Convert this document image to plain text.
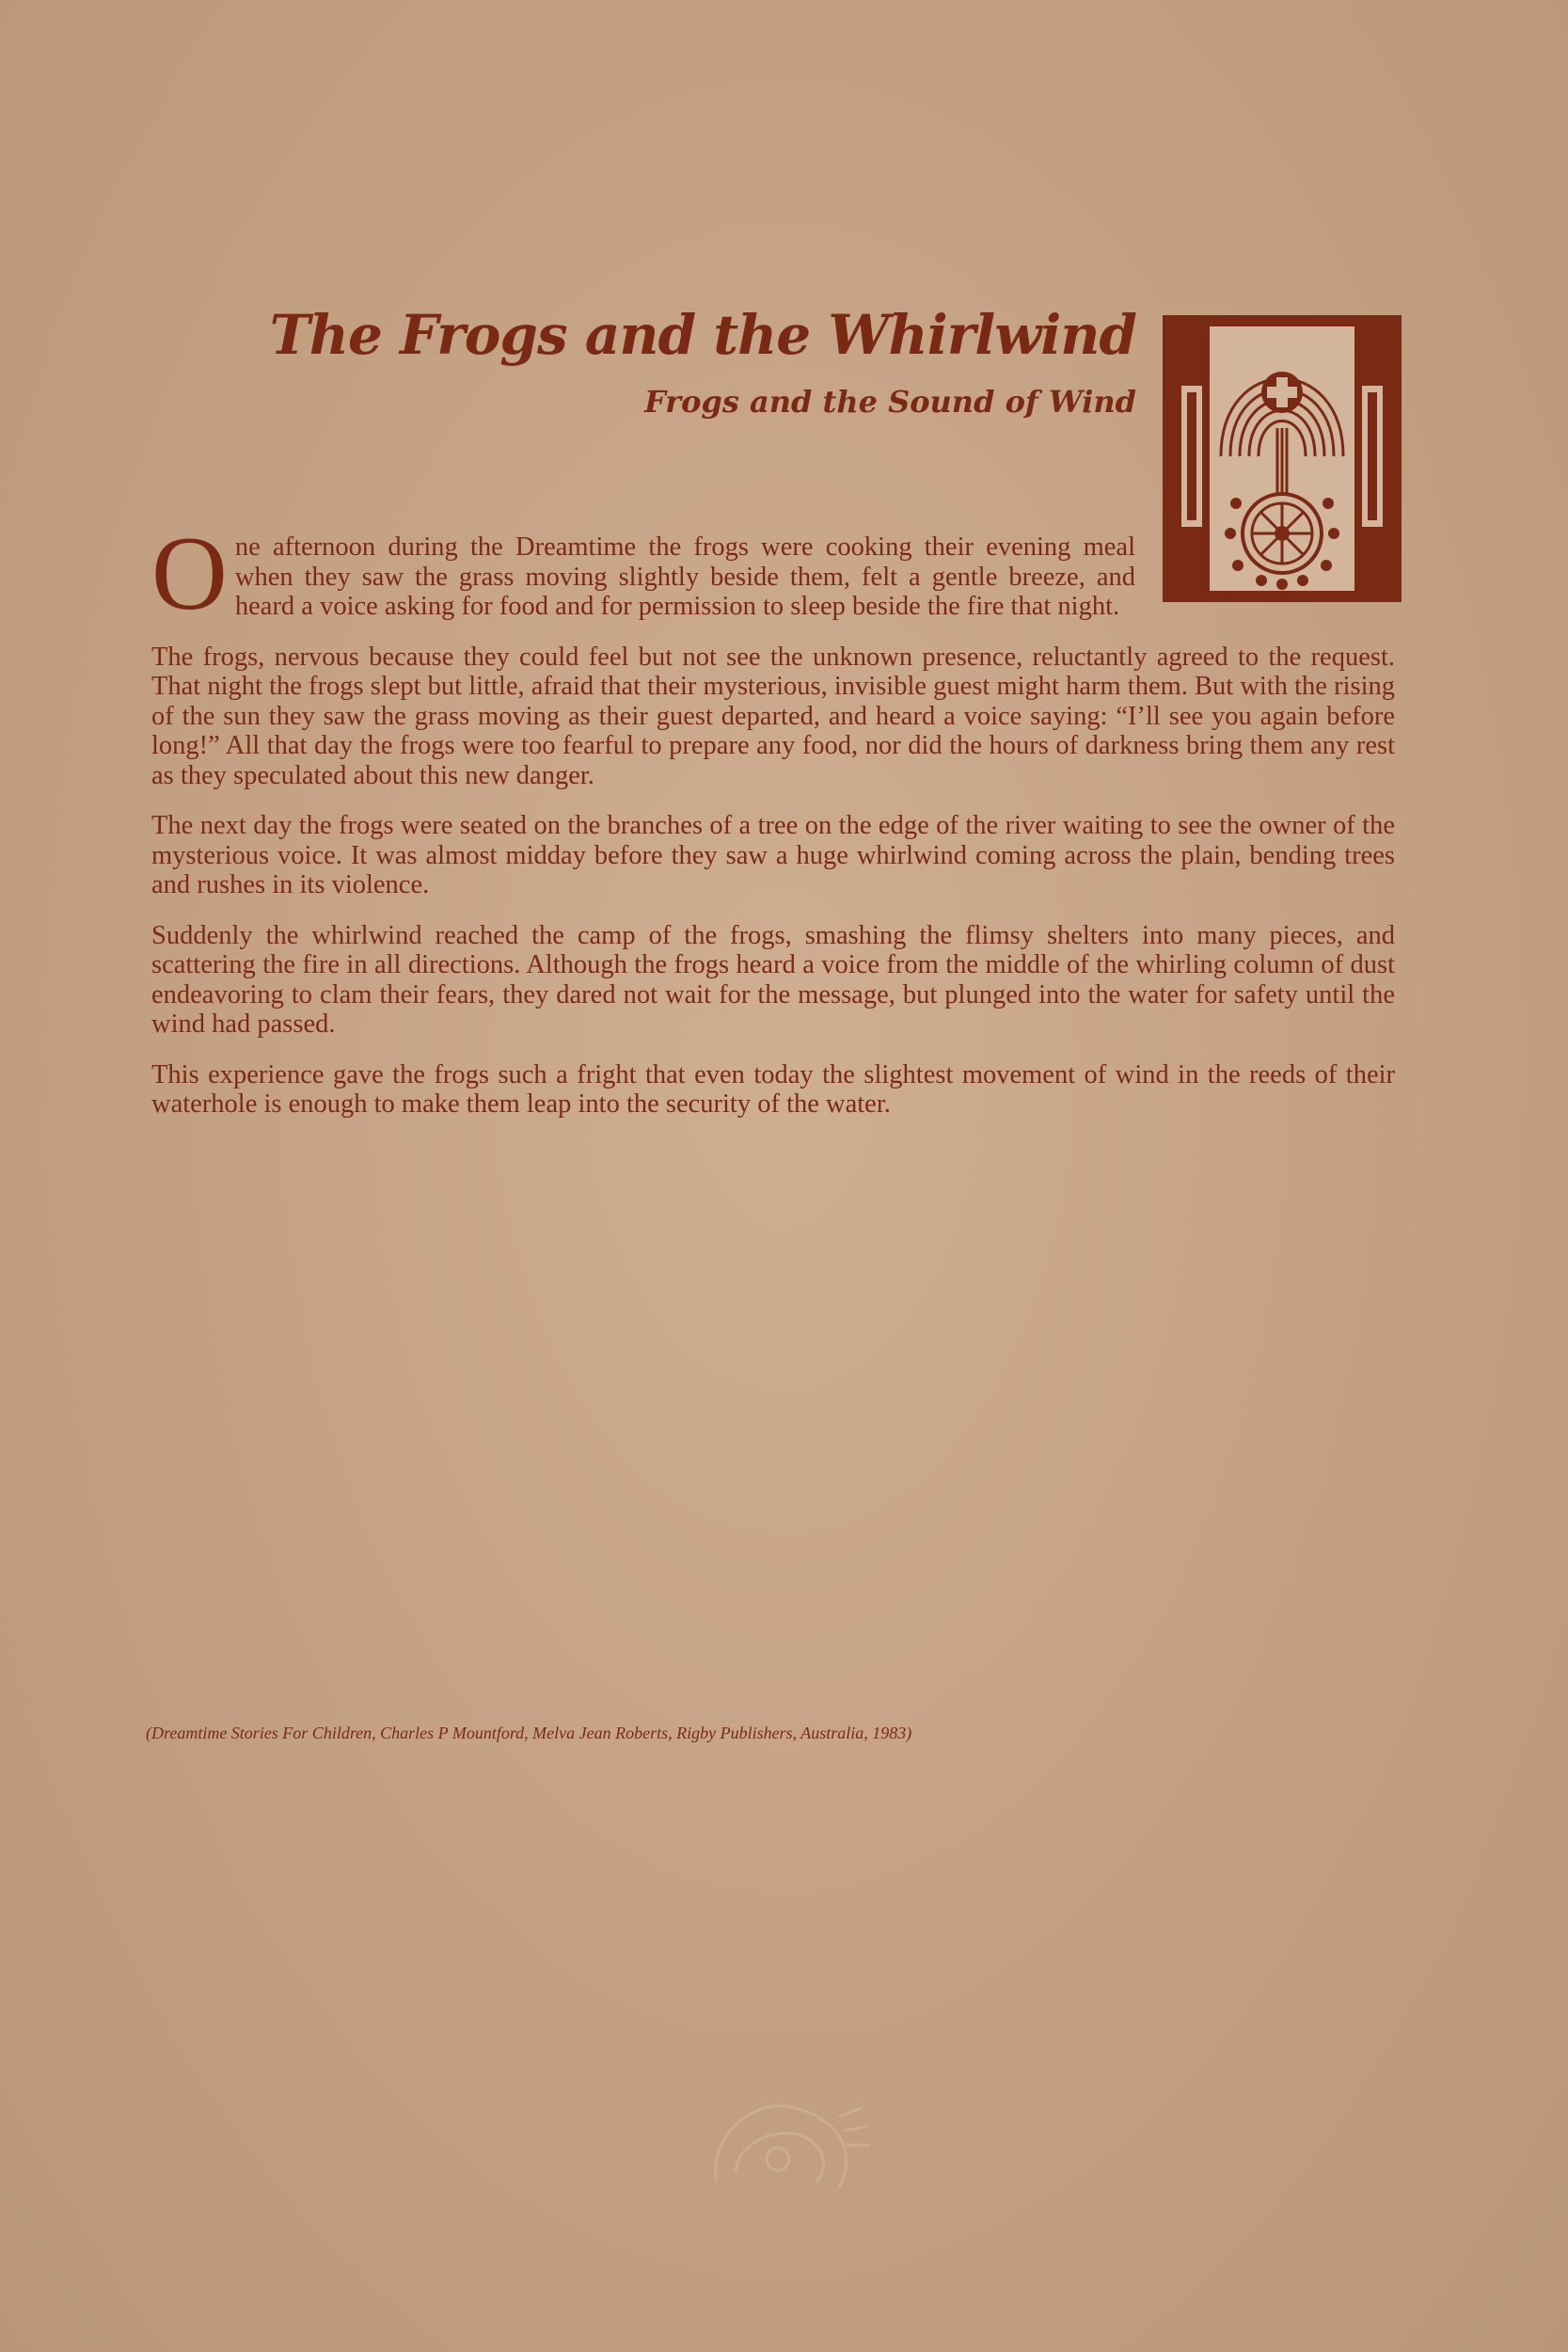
The Frogs and the Whirlwind
Frogs and the Sound of Wind

One afternoon during the Dreamtime the frogs were cooking their evening meal when they saw the grass moving slightly beside them, felt a gentle breeze, and heard a voice asking for food and for permission to sleep beside the fire that night.

The frogs, nervous because they could feel but not see the unknown presence, reluctantly agreed to the request. That night the frogs slept but little, afraid that their mysterious, invisible guest might harm them. But with the rising of the sun they saw the grass moving as their guest departed, and heard a voice saying: “I’ll see you again before long!” All that day the frogs were too fearful to prepare any food, nor did the hours of darkness bring them any rest as they speculated about this new danger.

The next day the frogs were seated on the branches of a tree on the edge of the river waiting to see the owner of the mysterious voice. It was almost midday before they saw a huge whirlwind coming across the plain, bending trees and rushes in its violence.

Suddenly the whirlwind reached the camp of the frogs, smashing the flimsy shelters into many pieces, and scattering the fire in all directions. Although the frogs heard a voice from the middle of the whirling column of dust endeavoring to clam their fears, they dared not wait for the message, but plunged into the water for safety until the wind had passed.

This experience gave the frogs such a fright that even today the slightest movement of wind in the reeds of their waterhole is enough to make them leap into the security of the water.

(Dreamtime Stories For Children, Charles P Mountford, Melva Jean Roberts, Rigby Publishers, Australia, 1983)
